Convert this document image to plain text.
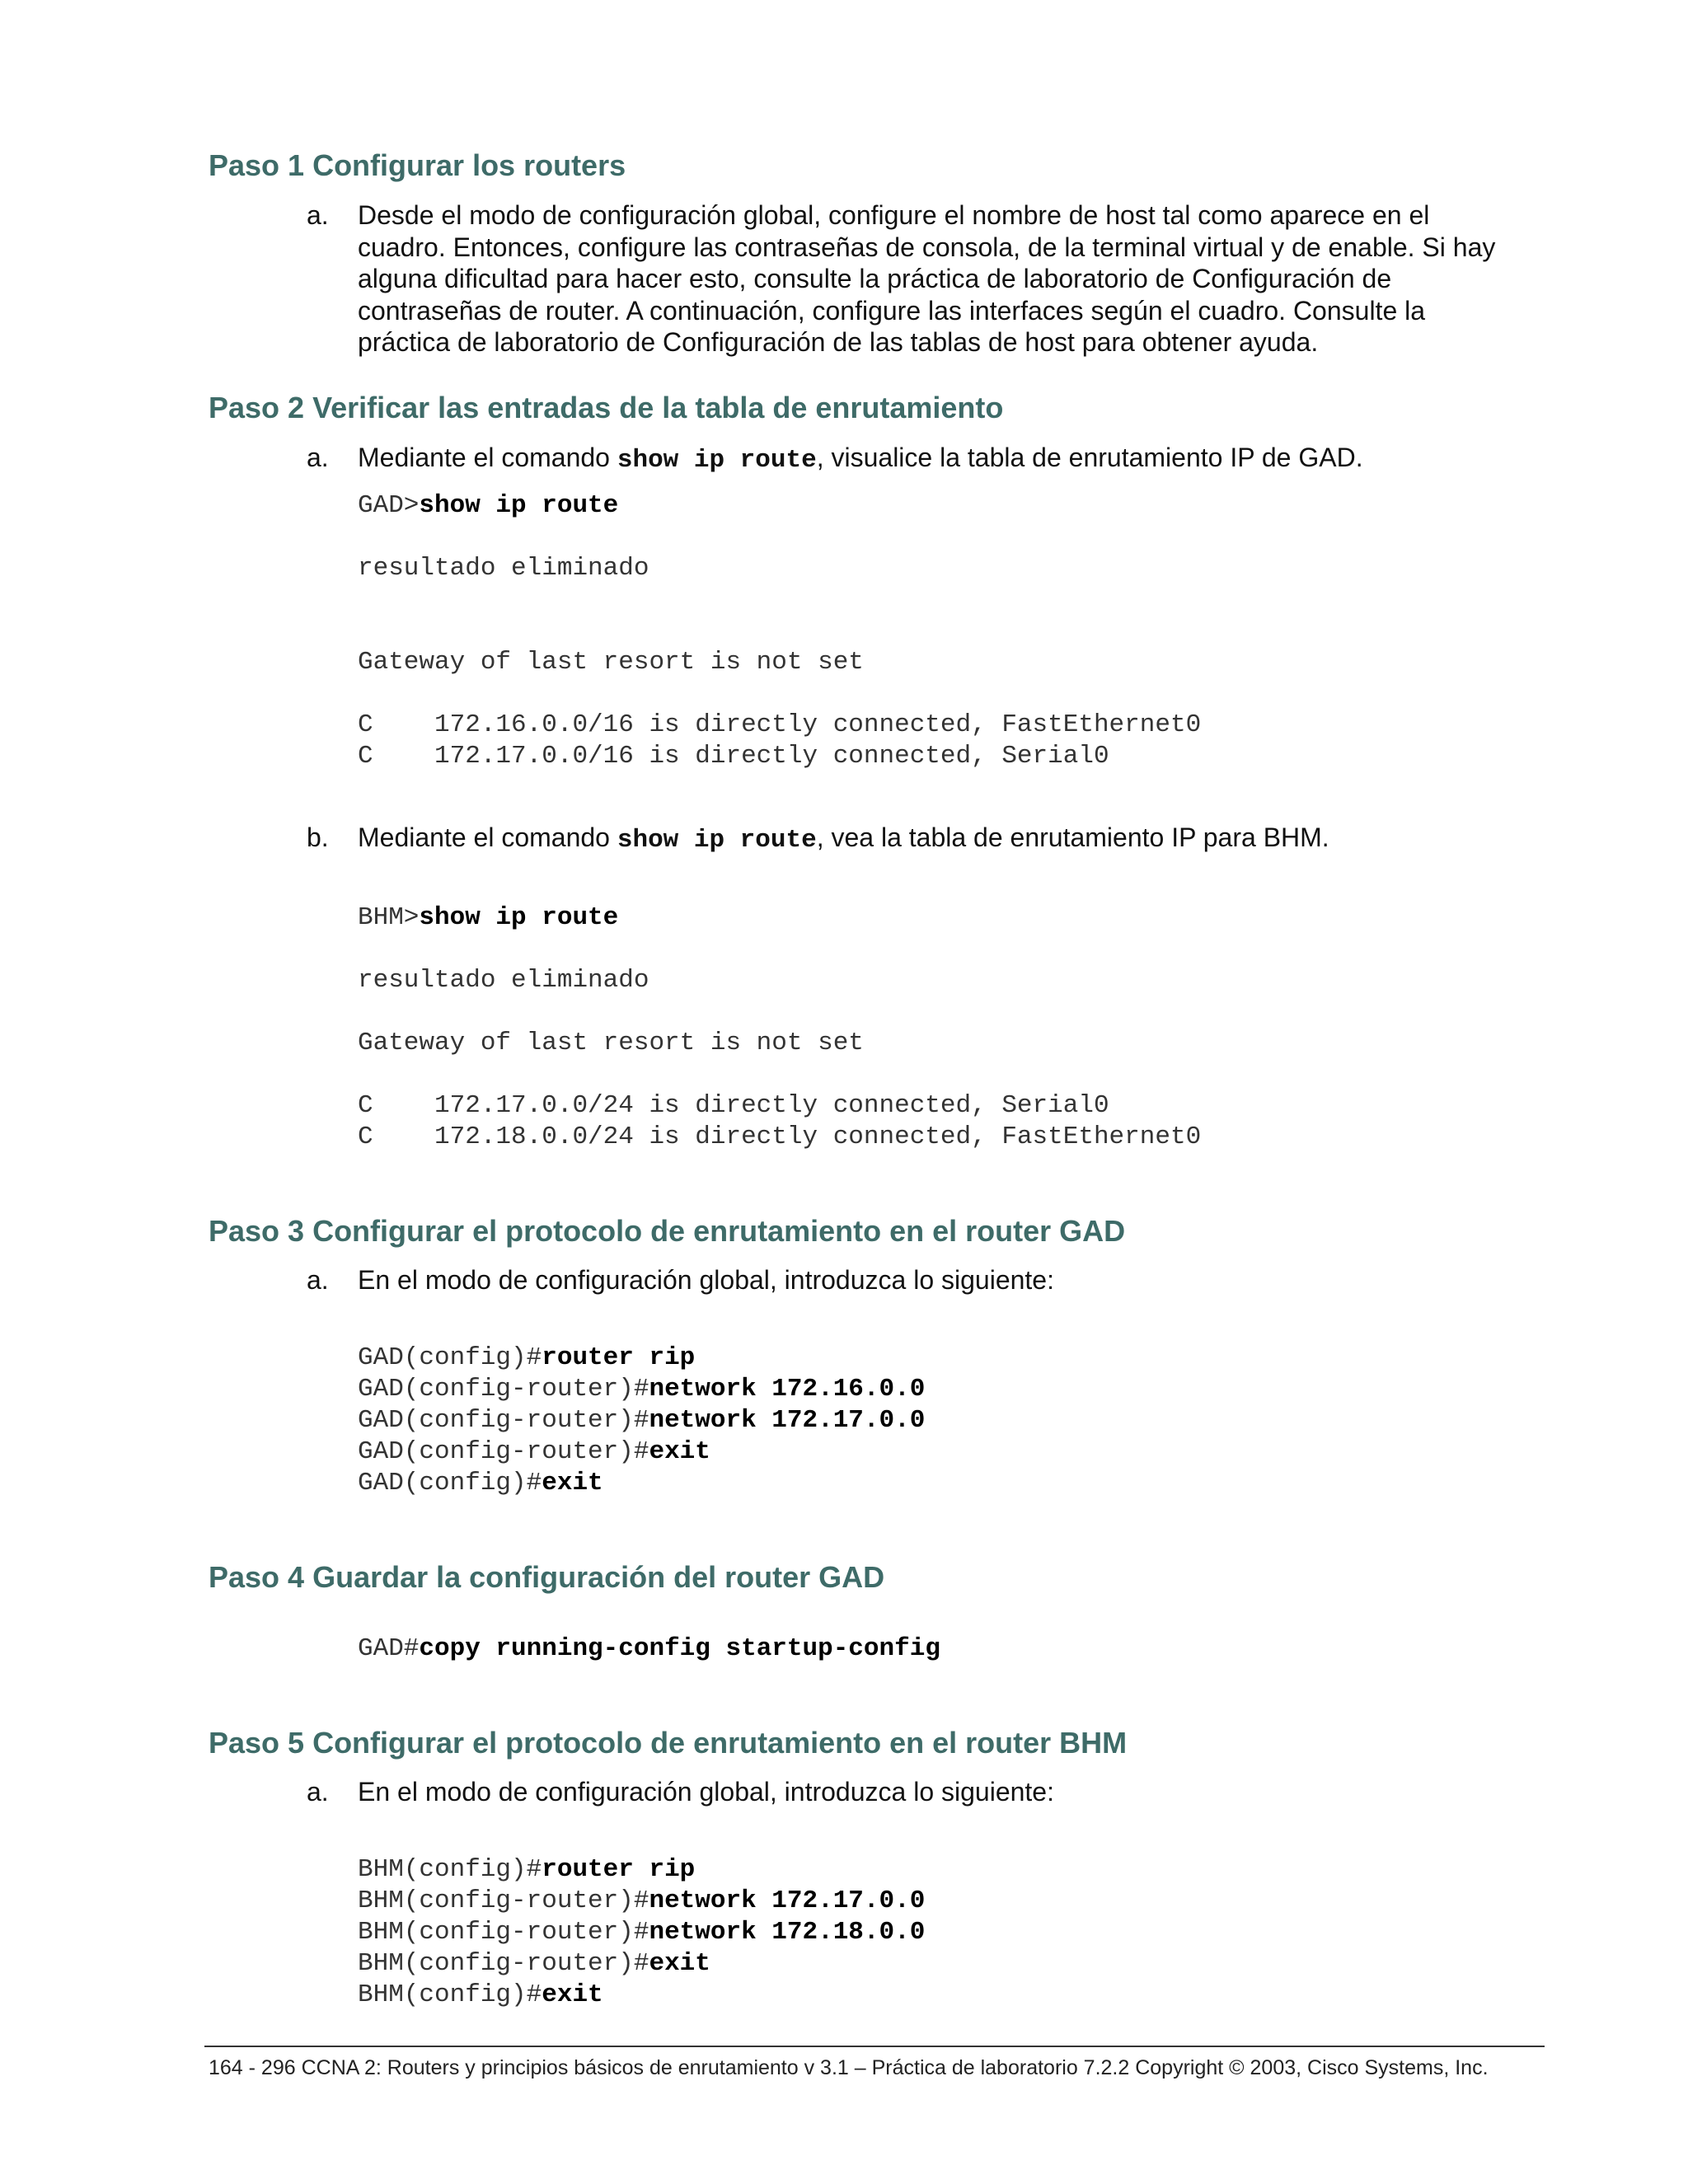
Paso 1 Configurar los routers
a. Desde el modo de configuración global, configure el nombre de host tal como aparece en el cuadro. Entonces, configure las contraseñas de consola, de la terminal virtual y de enable. Si hay alguna dificultad para hacer esto, consulte la práctica de laboratorio de Configuración de contraseñas de router. A continuación, configure las interfaces según el cuadro. Consulte la práctica de laboratorio de Configuración de las tablas de host para obtener ayuda.
Paso 2 Verificar las entradas de la tabla de enrutamiento
a. Mediante el comando show ip route, visualice la tabla de enrutamiento IP de GAD.
GAD>show ip route

resultado eliminado

Gateway of last resort is not set

C    172.16.0.0/16 is directly connected, FastEthernet0
C    172.17.0.0/16 is directly connected, Serial0
b. Mediante el comando show ip route, vea la tabla de enrutamiento IP para BHM.
BHM>show ip route

resultado eliminado

Gateway of last resort is not set

C    172.17.0.0/24 is directly connected, Serial0
C    172.18.0.0/24 is directly connected, FastEthernet0
Paso 3 Configurar el protocolo de enrutamiento en el router GAD
a. En el modo de configuración global, introduzca lo siguiente:
GAD(config)#router rip
GAD(config-router)#network 172.16.0.0
GAD(config-router)#network 172.17.0.0
GAD(config-router)#exit
GAD(config)#exit
Paso 4 Guardar la configuración del router GAD
GAD#copy running-config startup-config
Paso 5 Configurar el protocolo de enrutamiento en el router BHM
a. En el modo de configuración global, introduzca lo siguiente:
BHM(config)#router rip
BHM(config-router)#network 172.17.0.0
BHM(config-router)#network 172.18.0.0
BHM(config-router)#exit
BHM(config)#exit
164 - 296 CCNA 2: Routers y principios básicos de enrutamiento v 3.1 – Práctica de laboratorio 7.2.2 Copyright © 2003, Cisco Systems, Inc.
